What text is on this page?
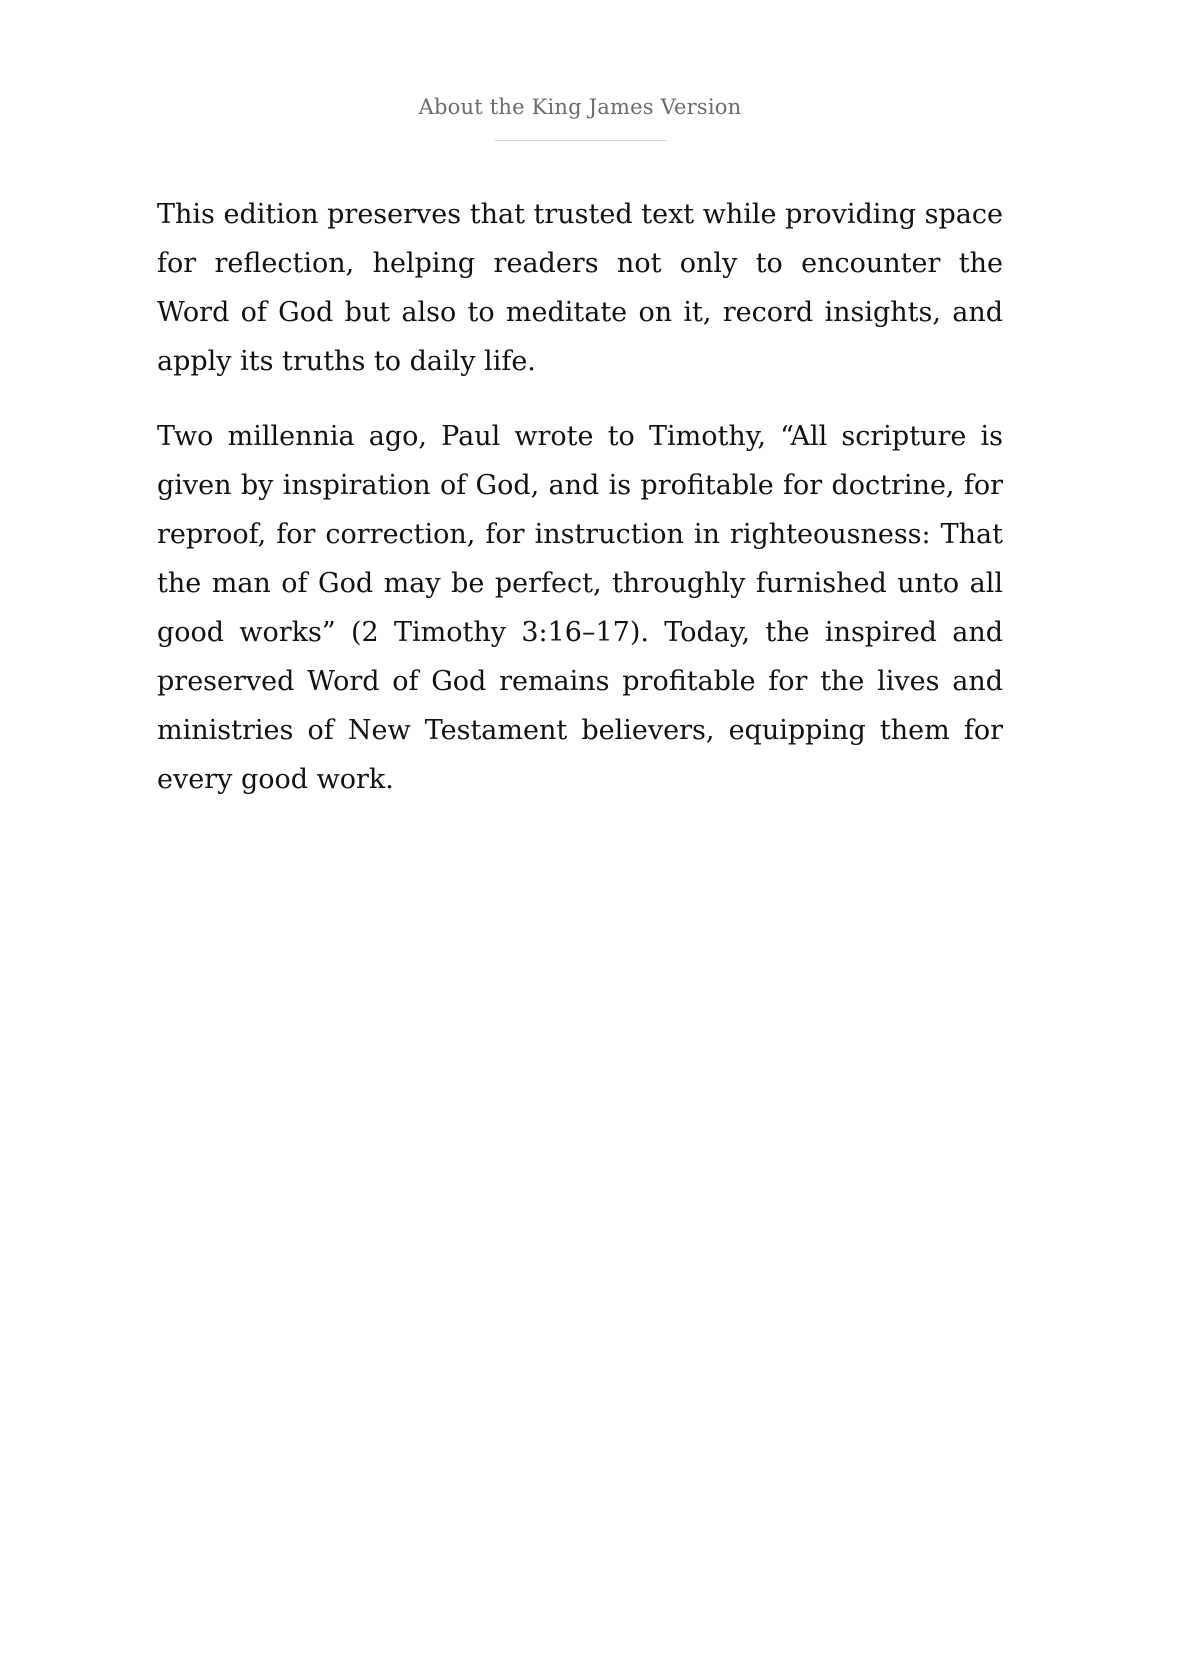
About the King James Version

This edition preserves that trusted text while providing space for reflection, helping readers not only to encounter the Word of God but also to meditate on it, record insights, and apply its truths to daily life.

Two millennia ago, Paul wrote to Timothy, “All scripture is given by inspiration of God, and is profitable for doctrine, for reproof, for correction, for instruction in righteousness: That the man of God may be perfect, throughly furnished unto all good works” (2 Timothy 3:16–17). Today, the inspired and preserved Word of God remains profitable for the lives and ministries of New Testament believers, equipping them for every good work.
